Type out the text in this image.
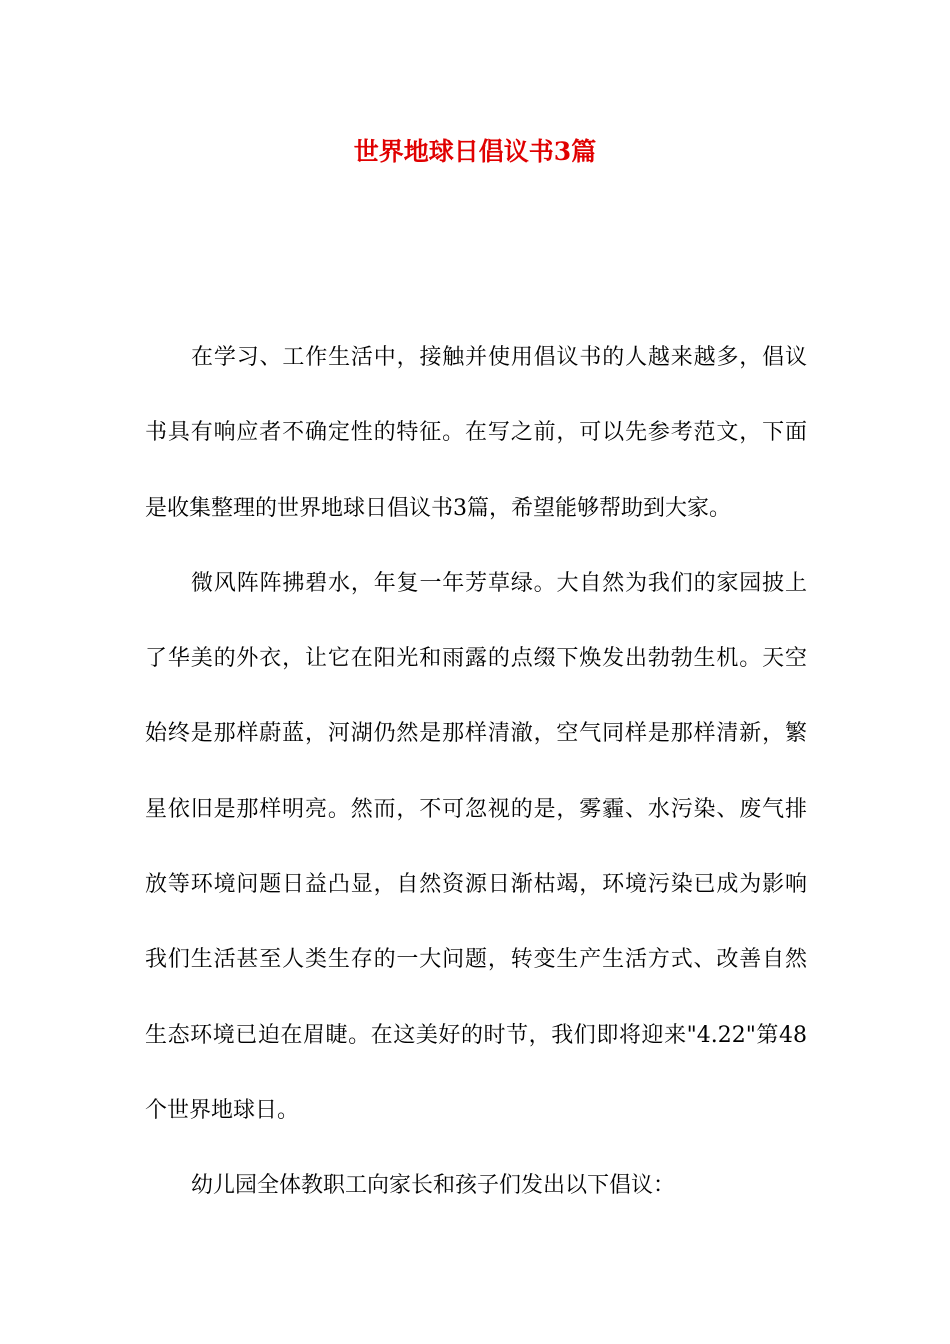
世界地球日倡议书3篇

在学习、工作生活中，接触并使用倡议书的人越来越多，倡议
书具有响应者不确定性的特征。在写之前，可以先参考范文，下面
是收集整理的世界地球日倡议书3篇，希望能够帮助到大家。

微风阵阵拂碧水，年复一年芳草绿。大自然为我们的家园披上
了华美的外衣，让它在阳光和雨露的点缀下焕发出勃勃生机。天空
始终是那样蔚蓝，河湖仍然是那样清澈，空气同样是那样清新，繁
星依旧是那样明亮。然而，不可忽视的是，雾霾、水污染、废气排
放等环境问题日益凸显，自然资源日渐枯竭，环境污染已成为影响
我们生活甚至人类生存的一大问题，转变生产生活方式、改善自然
生态环境已迫在眉睫。在这美好的时节，我们即将迎来"4.22"第48
个世界地球日。

幼儿园全体教职工向家长和孩子们发出以下倡议：
